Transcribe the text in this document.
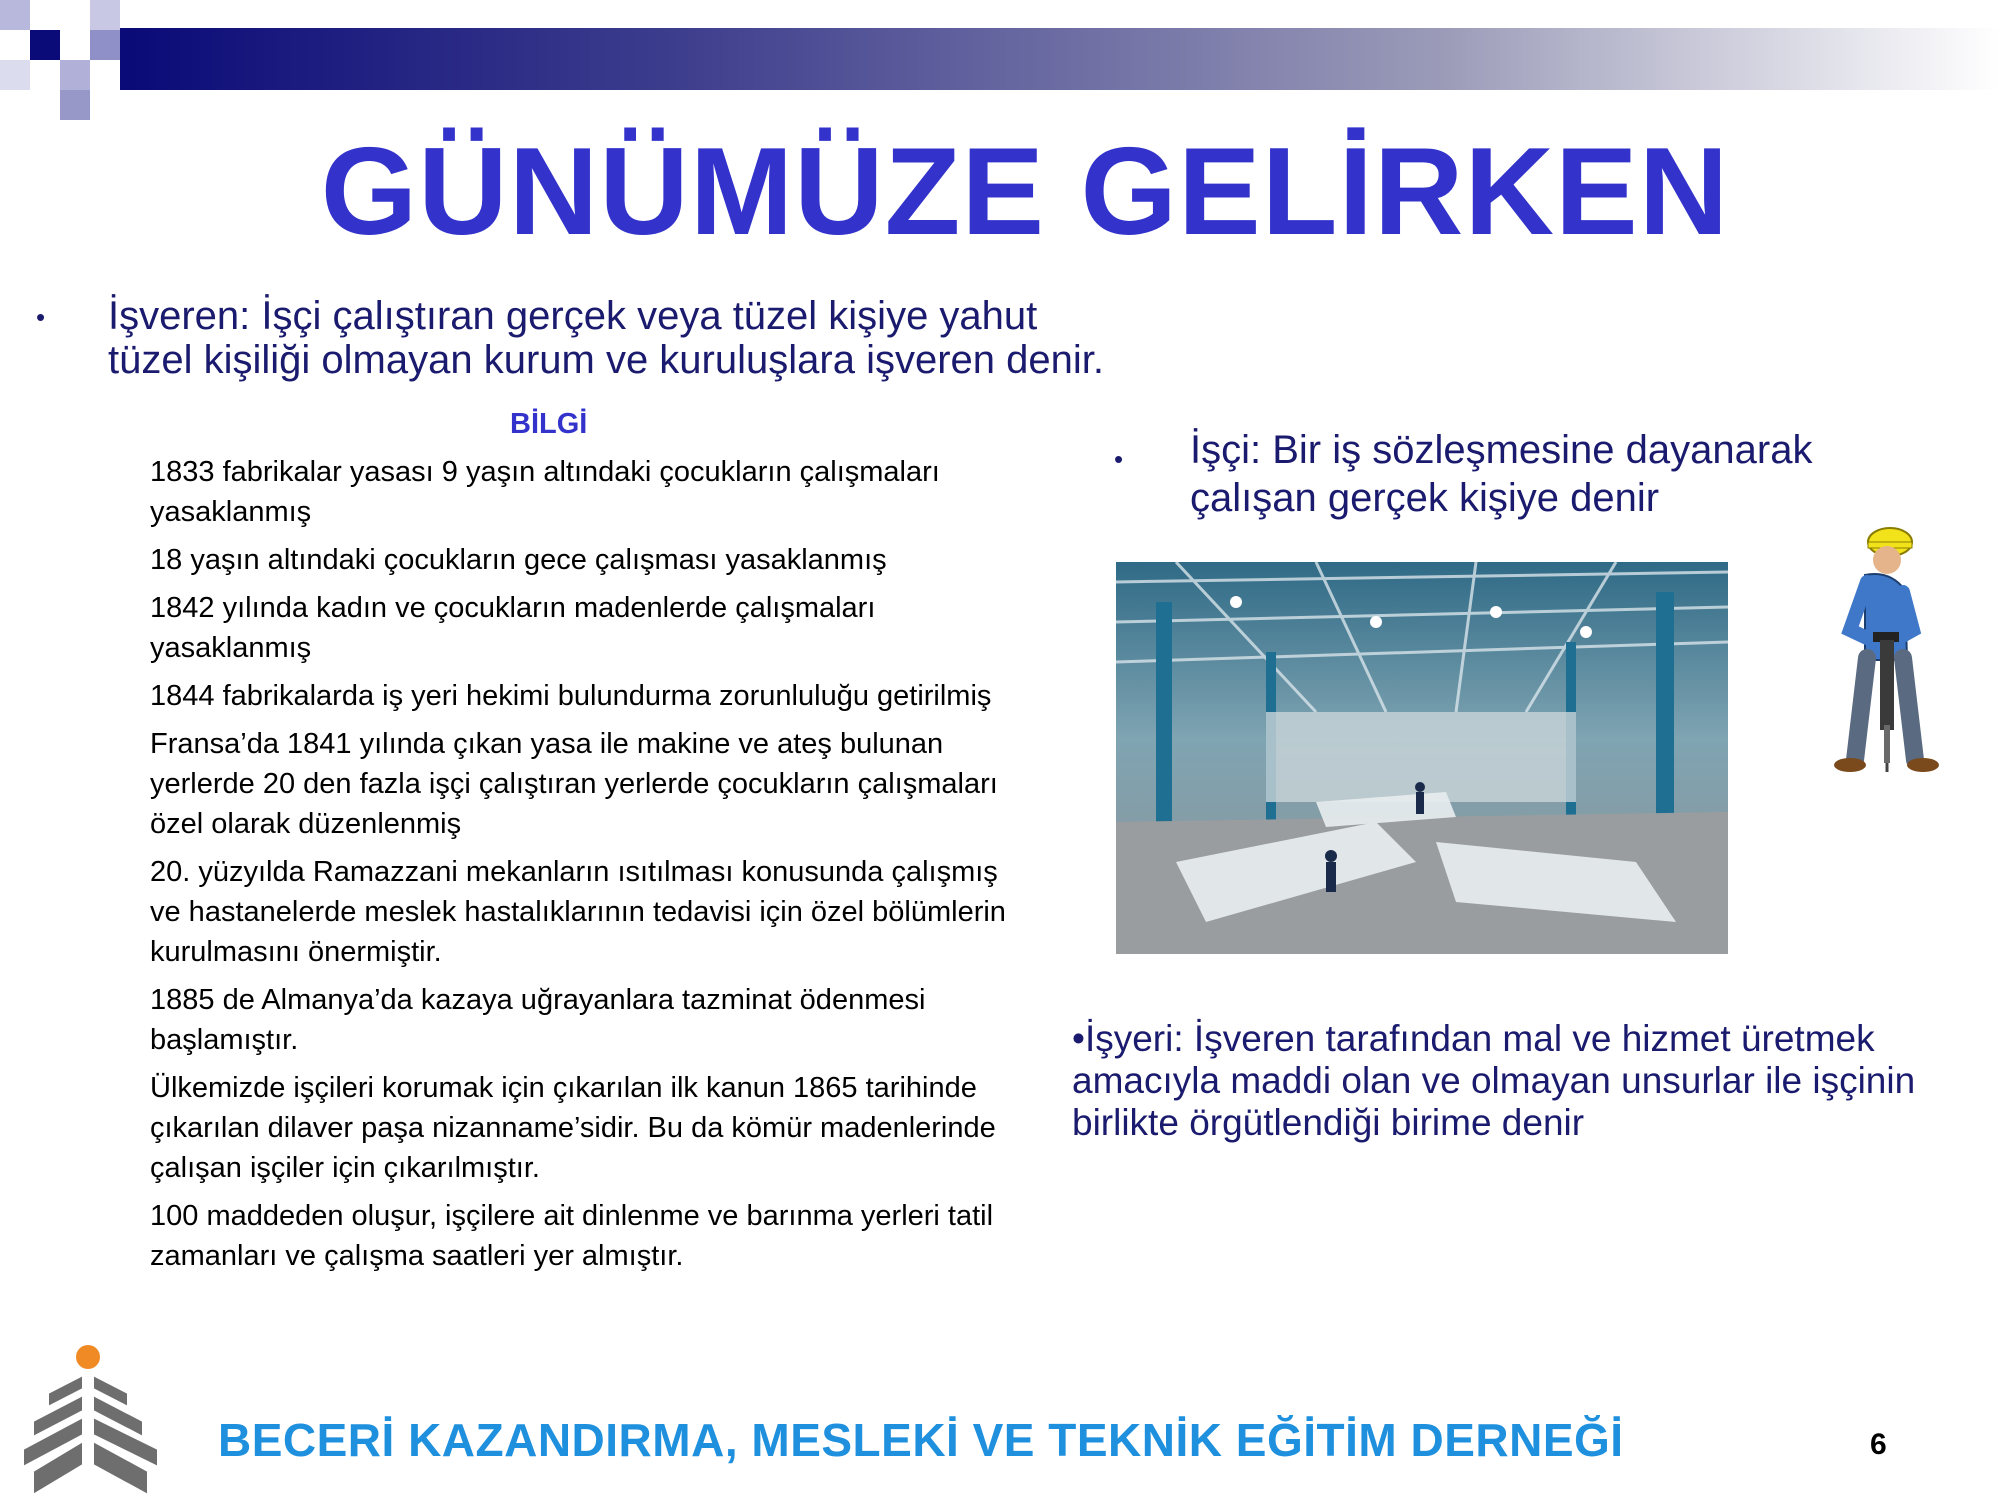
GÜNÜMÜZE GELİRKEN
• İşveren: İşçi çalıştıran gerçek veya tüzel kişiye yahut
tüzel kişiliği olmayan kurum ve kuruluşlara işveren denir.
BİLGİ
1833 fabrikalar yasası 9 yaşın altındaki çocukların çalışmaları yasaklanmış
18 yaşın altındaki çocukların gece çalışması yasaklanmış
1842 yılında kadın ve çocukların madenlerde çalışmaları yasaklanmış
1844 fabrikalarda iş yeri hekimi bulundurma zorunluluğu getirilmiş
Fransa’da 1841 yılında çıkan yasa ile makine ve ateş bulunan yerlerde 20 den fazla işçi çalıştıran yerlerde çocukların çalışmaları özel olarak düzenlenmiş
20. yüzyılda Ramazzani mekanların ısıtılması konusunda çalışmış ve hastanelerde meslek hastalıklarının tedavisi için özel bölümlerin kurulmasını önermiştir.
1885 de Almanya’da kazaya uğrayanlara tazminat ödenmesi başlamıştır.
Ülkemizde işçileri korumak için çıkarılan ilk kanun 1865 tarihinde çıkarılan dilaver paşa nizanname’sidir. Bu da kömür madenlerinde çalışan işçiler için çıkarılmıştır.
100 maddeden oluşur, işçilere ait dinlenme ve barınma yerleri tatil zamanları ve çalışma saatleri yer almıştır.
• İşçi: Bir iş sözleşmesine dayanarak
çalışan gerçek kişiye denir
•İşyeri: İşveren tarafından mal ve hizmet üretmek amacıyla maddi olan ve olmayan unsurlar ile işçinin birlikte örgütlendiği birime denir
BECERİ KAZANDIRMA, MESLEKİ VE TEKNİK EĞİTİM DERNEĞİ	6
